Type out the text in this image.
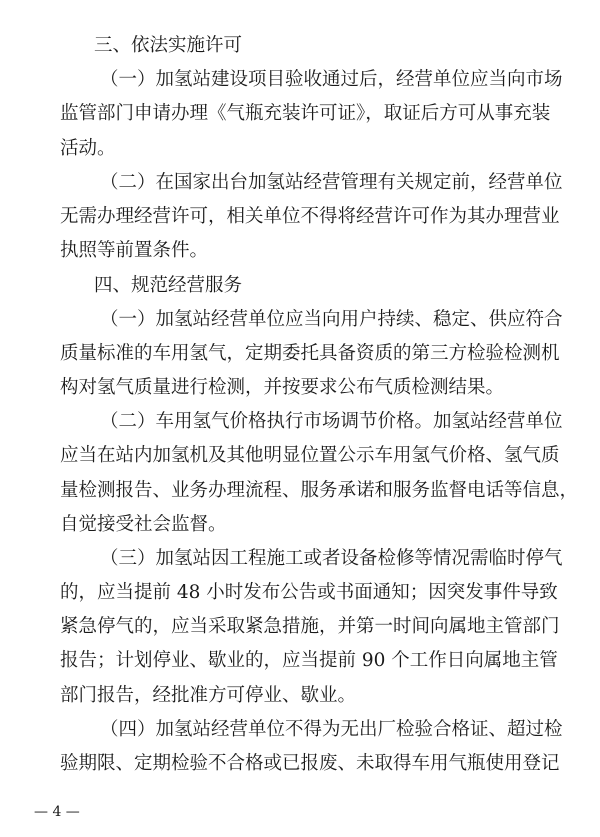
三、依法实施许可
（一）加氢站建设项目验收通过后，经营单位应当向市场
监管部门申请办理《气瓶充装许可证》，取证后方可从事充装
活动。
（二）在国家出台加氢站经营管理有关规定前，经营单位
无需办理经营许可，相关单位不得将经营许可作为其办理营业
执照等前置条件。
四、规范经营服务
（一）加氢站经营单位应当向用户持续、稳定、供应符合
质量标准的车用氢气，定期委托具备资质的第三方检验检测机
构对氢气质量进行检测，并按要求公布气质检测结果。
（二）车用氢气价格执行市场调节价格。加氢站经营单位
应当在站内加氢机及其他明显位置公示车用氢气价格、氢气质
量检测报告、业务办理流程、服务承诺和服务监督电话等信息，
自觉接受社会监督。
（三）加氢站因工程施工或者设备检修等情况需临时停气
的，应当提前 48 小时发布公告或书面通知；因突发事件导致
紧急停气的，应当采取紧急措施，并第一时间向属地主管部门
报告；计划停业、歇业的，应当提前 90 个工作日向属地主管
部门报告，经批准方可停业、歇业。
（四）加氢站经营单位不得为无出厂检验合格证、超过检
验期限、定期检验不合格或已报废、未取得车用气瓶使用登记
— 4 —
